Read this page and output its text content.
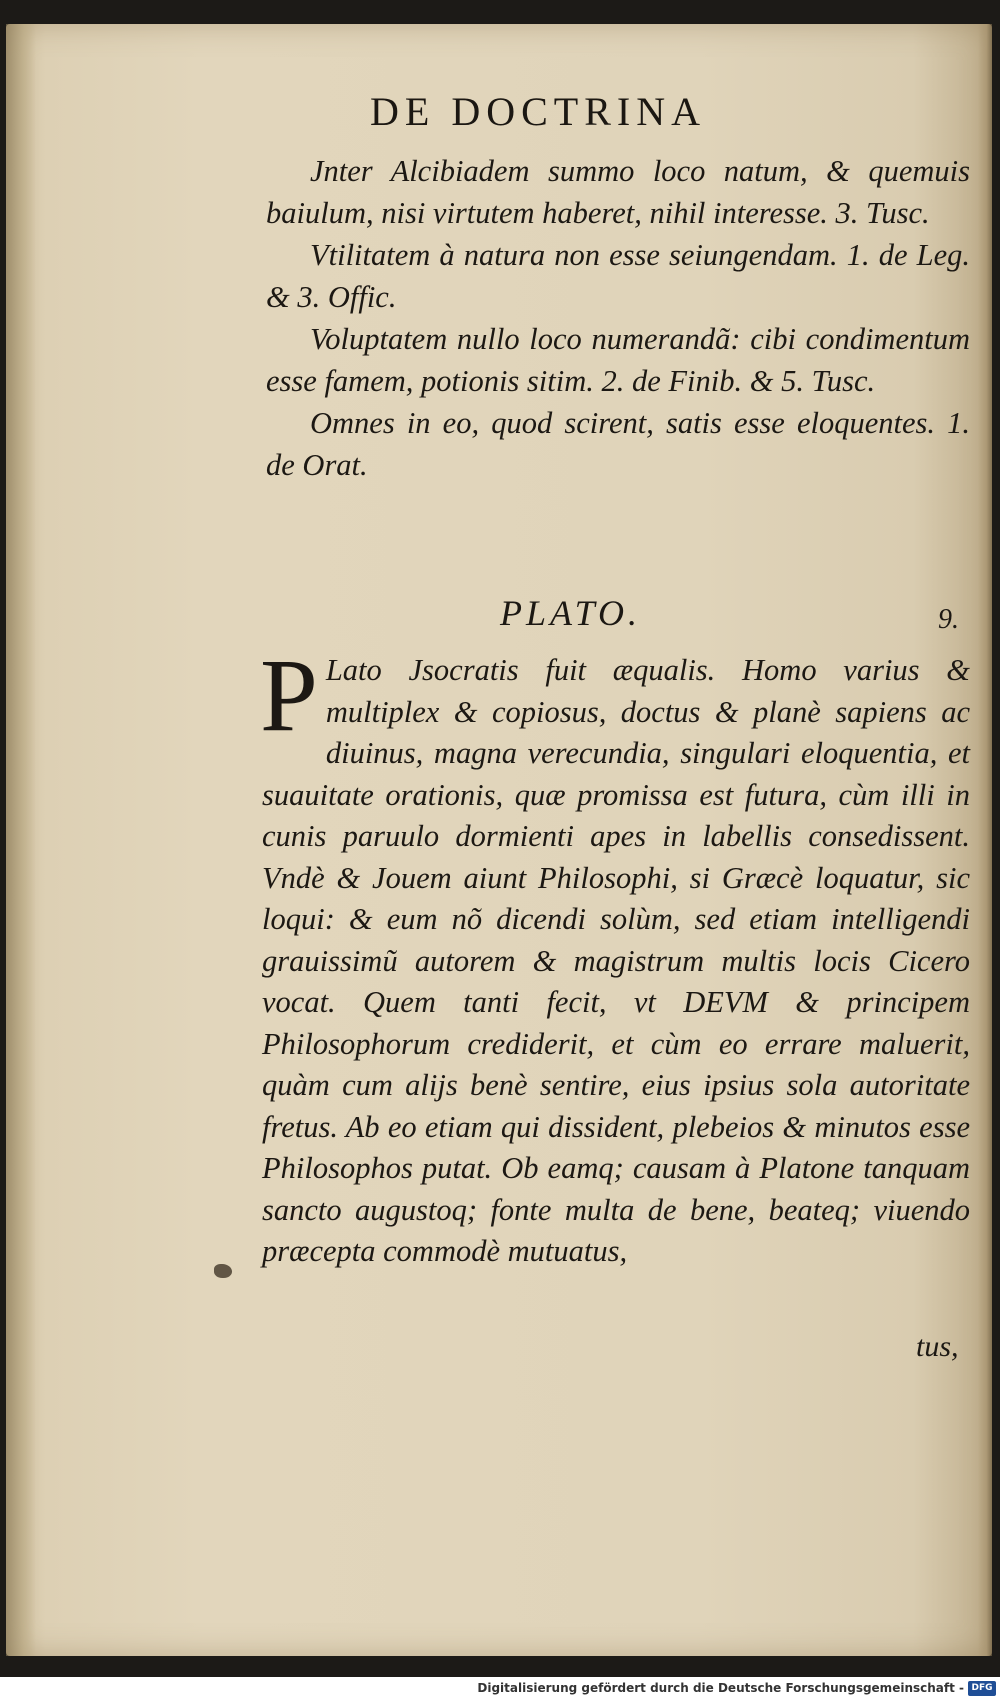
DE DOCTRINA

Jnter Alcibiadem summo loco natum, & quemuis baiulum, nisi virtutem haberet, nihil interesse. 3. Tusc.

Vtilitatem à natura non esse seiungendam. 1. de Leg. & 3. Offic.

Voluptatem nullo loco numerandã: cibi condimentum esse famem, potionis sitim. 2. de Finib. & 5. Tusc.

Omnes in eo, quod scirent, satis esse eloquentes. 1. de Orat.

PLATO.	9.
P Lato Jsocratis fuit æqualis. Homo varius & multiplex & copiosus, doctus & planè sapiens ac diuinus, magna verecundia, singulari eloquentia, et suauitate orationis, quæ promissa est futura, cùm illi in cunis paruulo dormienti apes in labellis consedissent. Vndè & Jouem aiunt Philosophi, si Græcè loquatur, sic loqui: & eum nõ dicendi solùm, sed etiam intelligendi grauissimũ autorem & magistrum multis locis Cicero vocat. Quem tanti fecit, vt DEVM & principem Philosophorum crediderit, et cùm eo errare maluerit, quàm cum alijs benè sentire, eius ipsius sola autoritate fretus. Ab eo etiam qui dissident, plebeios & minutos esse Philosophos putat. Ob eamq; causam à Platone tanquam sancto augustoq; fonte multa de bene, beateq; viuendo præcepta commodè mutuatus,
tus,
Digitalisierung gefördert durch die Deutsche Forschungsgemeinschaft - DFG
